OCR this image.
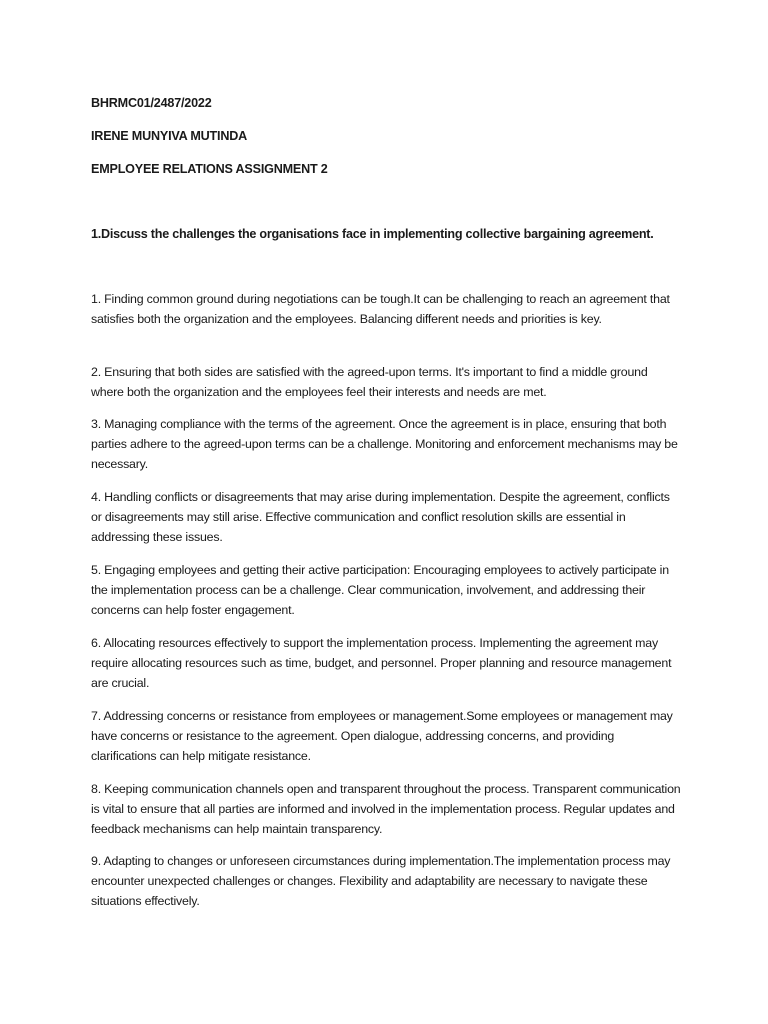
BHRMC01/2487/2022

IRENE MUNYIVA MUTINDA

EMPLOYEE RELATIONS ASSIGNMENT 2

1.Discuss the challenges the organisations face in implementing collective bargaining agreement.

1. Finding common ground during negotiations can be tough.It can be challenging to reach an agreement that satisfies both the organization and the employees. Balancing different needs and priorities is key.

2. Ensuring that both sides are satisfied with the agreed-upon terms. It's important to find a middle ground where both the organization and the employees feel their interests and needs are met.

3. Managing compliance with the terms of the agreement. Once the agreement is in place, ensuring that both parties adhere to the agreed-upon terms can be a challenge. Monitoring and enforcement mechanisms may be necessary.

4. Handling conflicts or disagreements that may arise during implementation. Despite the agreement, conflicts or disagreements may still arise. Effective communication and conflict resolution skills are essential in addressing these issues.

5. Engaging employees and getting their active participation: Encouraging employees to actively participate in the implementation process can be a challenge. Clear communication, involvement, and addressing their concerns can help foster engagement.

6. Allocating resources effectively to support the implementation process. Implementing the agreement may require allocating resources such as time, budget, and personnel. Proper planning and resource management are crucial.

7. Addressing concerns or resistance from employees or management.Some employees or management may have concerns or resistance to the agreement. Open dialogue, addressing concerns, and providing clarifications can help mitigate resistance.

8. Keeping communication channels open and transparent throughout the process. Transparent communication is vital to ensure that all parties are informed and involved in the implementation process. Regular updates and feedback mechanisms can help maintain transparency.

9. Adapting to changes or unforeseen circumstances during implementation.The implementation process may encounter unexpected challenges or changes. Flexibility and adaptability are necessary to navigate these situations effectively.
